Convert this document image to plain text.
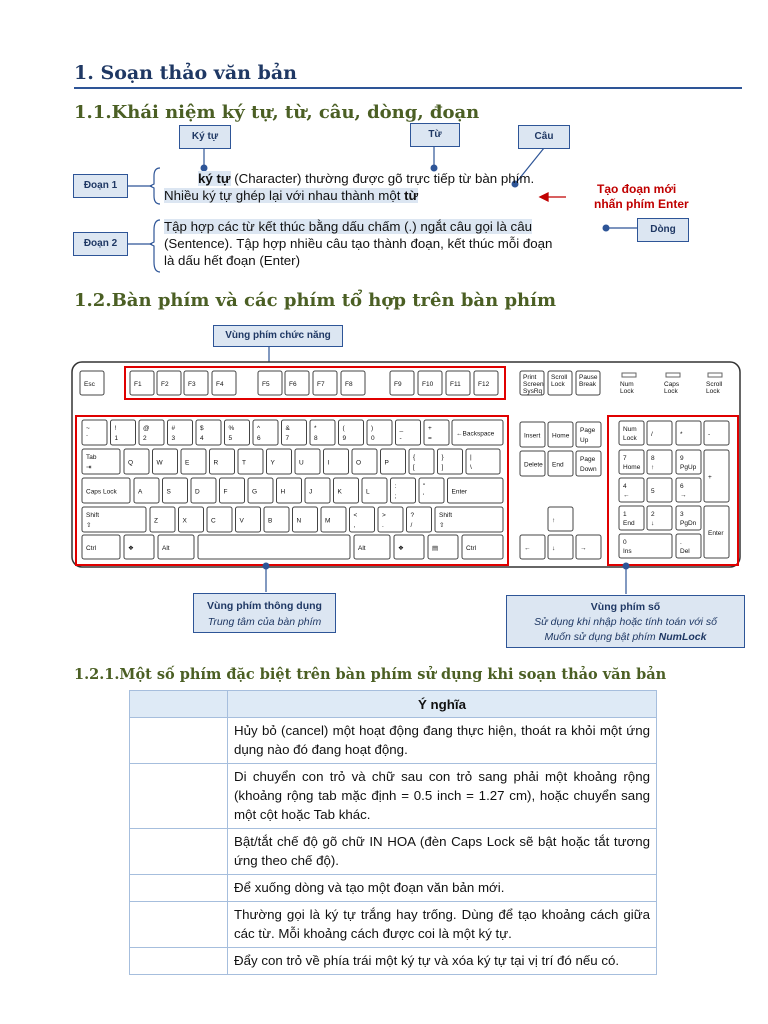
1. Soạn thảo văn bản
1.1.Khái niệm ký tự, từ, câu, dòng, đoạn
Ký tự	Từ	Câu
Đoạn 1
Đoạn 2
Dòng
ký tự (Character) thường được gõ trực tiếp từ bàn phím.
Nhiều ký tự ghép lại với nhau thành một từ	Tạo đoạn mới
nhấn phím Enter
Tập hợp các từ kết thúc bằng dấu chấm (.) ngắt câu gọi là câu
(Sentence). Tập hợp nhiều câu tạo thành đoạn, kết thúc mỗi đoạn
là dấu hết đoạn (Enter)
1.2.Bàn phím và các phím tổ hợp trên bàn phím
Vùng phím chức năng
Esc	F1	F2	F3	F4	F5	F6	F7	F8	F9	F10	F11	F12
Print
Screen
SysRq
Scroll
Lock
Pause
Break	Num
Lock
Caps
Lock
Scroll
Lock
~
`
!
1
@
2
#
3
$
4
%
5
^
6
&
7
*
8
(
9
)
0
_
-
+
=
←Backspace
Tab
⇥
Q	W	E	R	T	Y	U	I	O	P
{
[
}
]
|
\
Caps Lock	A	S	D	F	G	H	J	K	L
:
;
"
'
Enter
Shift
⇧
Z	X	C	V	B	N	M
<
,
>
.
?
/
Shift
⇧
Ctrl	❖	Alt	Alt	❖	▤	Ctrl
Insert Home
Page
Up
Delete End
Page
Down
↑
←	↓	→
Num
Lock
/	*	-
7
Home
8
↑
9
PgUp
4
←
5
6
→
1
End
2
↓
3
PgDn
0
Ins
.
Del
+
Enter
Vùng phím thông dụng
Trung tâm của bàn phím
Vùng phím số
Sử dụng khi nhập hoặc tính toán với số
Muốn sử dụng bật phím NumLock
1.2.1.Một số phím đặc biệt trên bàn phím sử dụng khi soạn thảo văn bản
	Ý nghĩa
	Hủy bỏ (cancel) một hoạt động đang thực hiện, thoát ra khỏi một ứng dụng nào đó đang hoạt động.
	Di chuyển con trỏ và chữ sau con trỏ sang phải một khoảng rộng (khoảng rộng tab mặc định = 0.5 inch = 1.27 cm), hoặc chuyển sang một cột hoặc Tab khác.
	Bật/tắt chế độ gõ chữ IN HOA (đèn Caps Lock sẽ bật hoặc tắt tương ứng theo chế độ).
	Để xuống dòng và tạo một đoạn văn bản mới.
	Thường gọi là ký tự trắng hay trống. Dùng để tạo khoảng cách giữa các từ. Mỗi khoảng cách được coi là một ký tự.
	Đẩy con trỏ về phía trái một ký tự và xóa ký tự tại vị trí đó nếu có.
